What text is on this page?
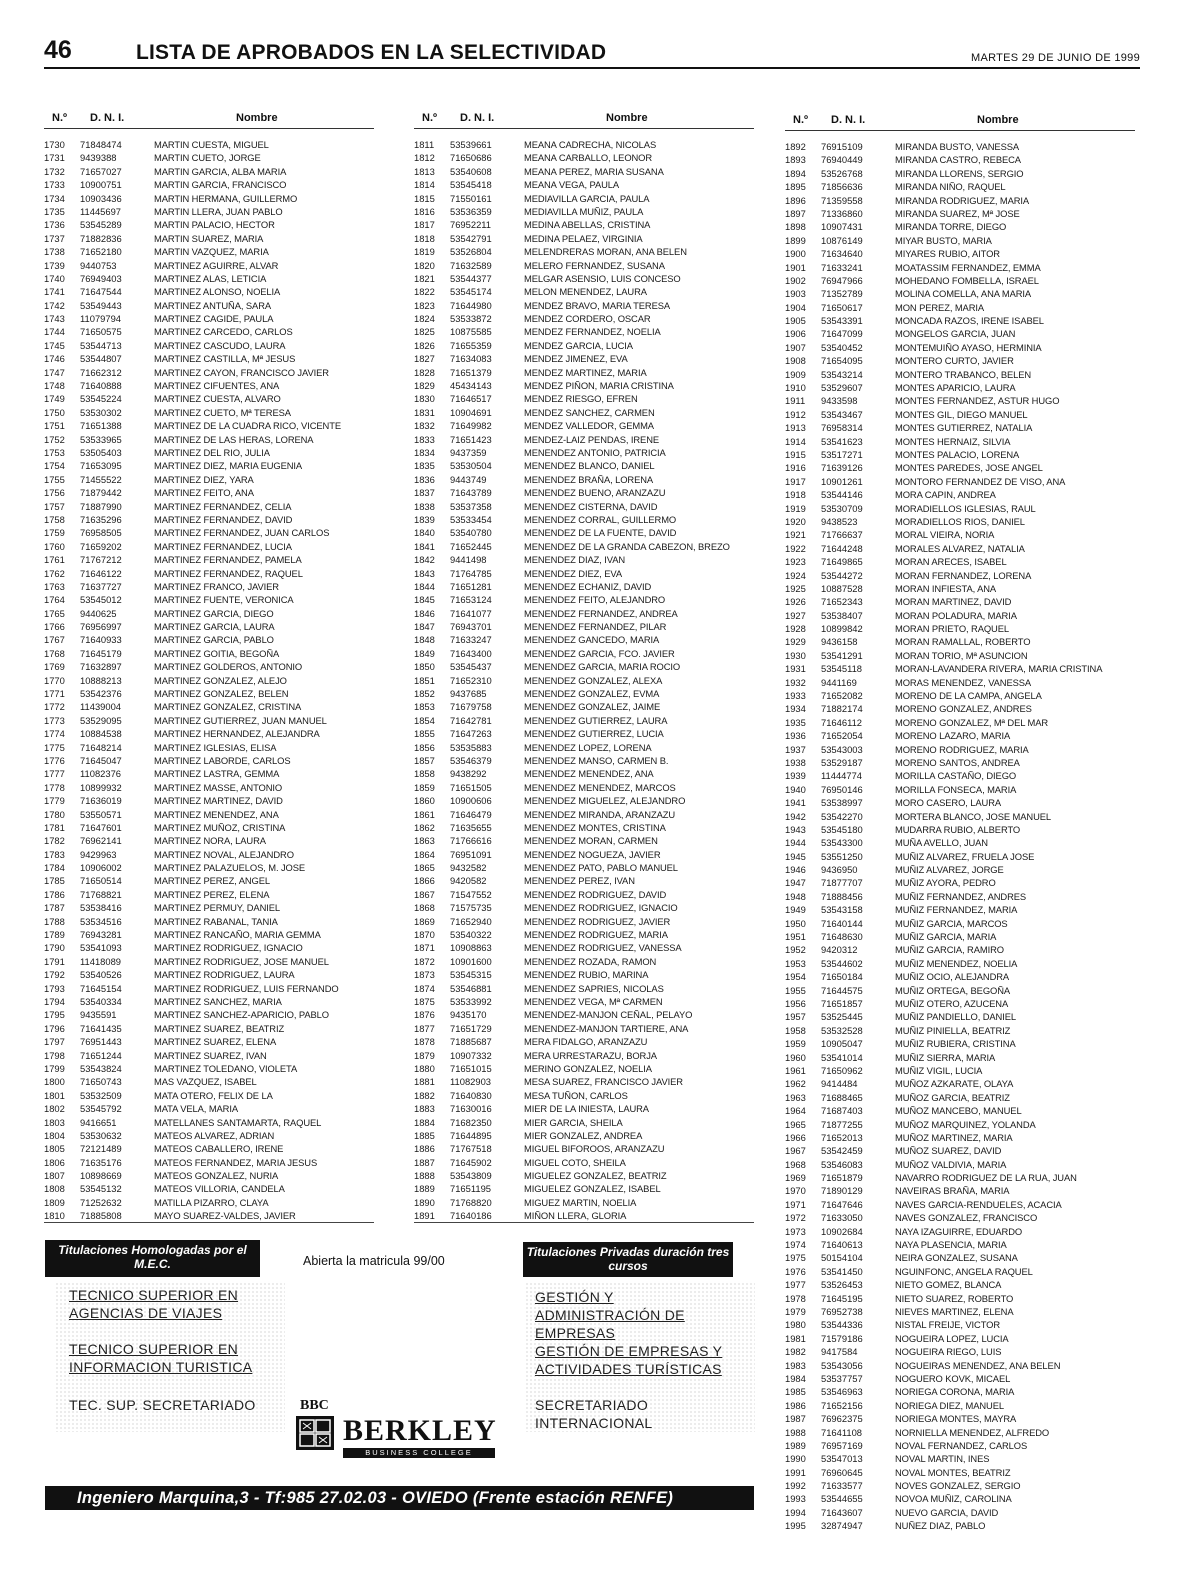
46	LISTA DE APROBADOS EN LA SELECTIVIDAD	MARTES 29 DE JUNIO DE 1999
N.º D. N. I.	Nombre
1730	71848474	MARTIN CUESTA, MIGUEL
1731	9439388	MARTIN CUETO, JORGE
1732	71657027	MARTIN GARCIA, ALBA MARIA
1733	10900751	MARTIN GARCIA, FRANCISCO
1734	10903436	MARTIN HERMANA, GUILLERMO
1735	11445697	MARTIN LLERA, JUAN PABLO
1736	53545289	MARTIN PALACIO, HECTOR
1737	71882836	MARTIN SUAREZ, MARIA
1738	71652180	MARTIN VAZQUEZ, MARIA
1739	9440753	MARTINEZ AGUIRRE, ALVAR
1740	76949403	MARTINEZ ALAS, LETICIA
1741	71647544	MARTINEZ ALONSO, NOELIA
1742	53549443	MARTINEZ ANTUÑA, SARA
1743	11079794	MARTINEZ CAGIDE, PAULA
1744	71650575	MARTINEZ CARCEDO, CARLOS
1745	53544713	MARTINEZ CASCUDO, LAURA
1746	53544807	MARTINEZ CASTILLA, Mª JESUS
1747	71662312	MARTINEZ CAYON, FRANCISCO JAVIER
1748	71640888	MARTINEZ CIFUENTES, ANA
1749	53545224	MARTINEZ CUESTA, ALVARO
1750	53530302	MARTINEZ CUETO, Mª TERESA
1751	71651388	MARTINEZ DE LA CUADRA RICO, VICENTE
1752	53533965	MARTINEZ DE LAS HERAS, LORENA
1753	53505403	MARTINEZ DEL RIO, JULIA
1754	71653095	MARTINEZ DIEZ, MARIA EUGENIA
1755	71455522	MARTINEZ DIEZ, YARA
1756	71879442	MARTINEZ FEITO, ANA
1757	71887990	MARTINEZ FERNANDEZ, CELIA
1758	71635296	MARTINEZ FERNANDEZ, DAVID
1759	76958505	MARTINEZ FERNANDEZ, JUAN CARLOS
1760	71659202	MARTINEZ FERNANDEZ, LUCIA
1761	71767212	MARTINEZ FERNANDEZ, PAMELA
1762	71646122	MARTINEZ FERNANDEZ, RAQUEL
1763	71637727	MARTINEZ FRANCO, JAVIER
1764	53545012	MARTINEZ FUENTE, VERONICA
1765	9440625	MARTINEZ GARCIA, DIEGO
1766	76956997	MARTINEZ GARCIA, LAURA
1767	71640933	MARTINEZ GARCIA, PABLO
1768	71645179	MARTINEZ GOITIA, BEGOÑA
1769	71632897	MARTINEZ GOLDEROS, ANTONIO
1770	10888213	MARTINEZ GONZALEZ, ALEJO
1771	53542376	MARTINEZ GONZALEZ, BELEN
1772	11439004	MARTINEZ GONZALEZ, CRISTINA
1773	53529095	MARTINEZ GUTIERREZ, JUAN MANUEL
1774	10884538	MARTINEZ HERNANDEZ, ALEJANDRA
1775	71648214	MARTINEZ IGLESIAS, ELISA
1776	71645047	MARTINEZ LABORDE, CARLOS
1777	11082376	MARTINEZ LASTRA, GEMMA
1778	10899932	MARTINEZ MASSE, ANTONIO
1779	71636019	MARTINEZ MARTINEZ, DAVID
1780	53550571	MARTINEZ MENENDEZ, ANA
1781	71647601	MARTINEZ MUÑOZ, CRISTINA
1782	76962141	MARTINEZ NORA, LAURA
1783	9429963	MARTINEZ NOVAL, ALEJANDRO
1784	10906002	MARTINEZ PALAZUELOS, M. JOSE
1785	71650514	MARTINEZ PEREZ, ANGEL
1786	71768821	MARTINEZ PEREZ, ELENA
1787	53538416	MARTINEZ PERMUY, DANIEL
1788	53534516	MARTINEZ RABANAL, TANIA
1789	76943281	MARTINEZ RANCAÑO, MARIA GEMMA
1790	53541093	MARTINEZ RODRIGUEZ, IGNACIO
1791	11418089	MARTINEZ RODRIGUEZ, JOSE MANUEL
1792	53540526	MARTINEZ RODRIGUEZ, LAURA
1793	71645154	MARTINEZ RODRIGUEZ, LUIS FERNANDO
1794	53540334	MARTINEZ SANCHEZ, MARIA
1795	9435591	MARTINEZ SANCHEZ-APARICIO, PABLO
1796	71641435	MARTINEZ SUAREZ, BEATRIZ
1797	76951443	MARTINEZ SUAREZ, ELENA
1798	71651244	MARTINEZ SUAREZ, IVAN
1799	53543824	MARTINEZ TOLEDANO, VIOLETA
1800	71650743	MAS VAZQUEZ, ISABEL
1801	53532509	MATA OTERO, FELIX DE LA
1802	53545792	MATA VELA, MARIA
1803	9416651	MATELLANES SANTAMARTA, RAQUEL
1804	53530632	MATEOS ALVAREZ, ADRIAN
1805	72121489	MATEOS CABALLERO, IRENE
1806	71635176	MATEOS FERNANDEZ, MARIA JESUS
1807	10898669	MATEOS GONZALEZ, NURIA
1808	53545132	MATEOS VILLORIA, CANDELA
1809	71252632	MATILLA PIZARRO, CLAYA
1810	71885808	MAYO SUAREZ-VALDES, JAVIER
N.º D. N. I.	Nombre
1811	53539661	MEANA CADRECHA, NICOLAS
1812	71650686	MEANA CARBALLO, LEONOR
1813	53540608	MEANA PEREZ, MARIA SUSANA
1814	53545418	MEANA VEGA, PAULA
1815	71550161	MEDIAVILLA GARCIA, PAULA
1816	53536359	MEDIAVILLA MUÑIZ, PAULA
1817	76952211	MEDINA ABELLAS, CRISTINA
1818	53542791	MEDINA PELAEZ, VIRGINIA
1819	53526804	MELENDRERAS MORAN, ANA BELEN
1820	71632589	MELERO FERNANDEZ, SUSANA
1821	53544377	MELGAR ASENSIO, LUIS CONCESO
1822	53545174	MELON MENENDEZ, LAURA
1823	71644980	MENDEZ BRAVO, MARIA TERESA
1824	53533872	MENDEZ CORDERO, OSCAR
1825	10875585	MENDEZ FERNANDEZ, NOELIA
1826	71655359	MENDEZ GARCIA, LUCIA
1827	71634083	MENDEZ JIMENEZ, EVA
1828	71651379	MENDEZ MARTINEZ, MARIA
1829	45434143	MENDEZ PIÑON, MARIA CRISTINA
1830	71646517	MENDEZ RIESGO, EFREN
1831	10904691	MENDEZ SANCHEZ, CARMEN
1832	71649982	MENDEZ VALLEDOR, GEMMA
1833	71651423	MENDEZ-LAIZ PENDAS, IRENE
1834	9437359	MENENDEZ ANTONIO, PATRICIA
1835	53530504	MENENDEZ BLANCO, DANIEL
1836	9443749	MENENDEZ BRAÑA, LORENA
1837	71643789	MENENDEZ BUENO, ARANZAZU
1838	53537358	MENENDEZ CISTERNA, DAVID
1839	53533454	MENENDEZ CORRAL, GUILLERMO
1840	53540780	MENENDEZ DE LA FUENTE, DAVID
1841	71652445	MENENDEZ DE LA GRANDA CABEZON, BREZO
1842	9441498	MENENDEZ DIAZ, IVAN
1843	71764785	MENENDEZ DIEZ, EVA
1844	71651281	MENENDEZ ECHANIZ, DAVID
1845	71653124	MENENDEZ FEITO, ALEJANDRO
1846	71641077	MENENDEZ FERNANDEZ, ANDREA
1847	76943701	MENENDEZ FERNANDEZ, PILAR
1848	71633247	MENENDEZ GANCEDO, MARIA
1849	71643400	MENENDEZ GARCIA, FCO. JAVIER
1850	53545437	MENENDEZ GARCIA, MARIA ROCIO
1851	71652310	MENENDEZ GONZALEZ, ALEXA
1852	9437685	MENENDEZ GONZALEZ, EVMA
1853	71679758	MENENDEZ GONZALEZ, JAIME
1854	71642781	MENENDEZ GUTIERREZ, LAURA
1855	71647263	MENENDEZ GUTIERREZ, LUCIA
1856	53535883	MENENDEZ LOPEZ, LORENA
1857	53546379	MENENDEZ MANSO, CARMEN B.
1858	9438292	MENENDEZ MENENDEZ, ANA
1859	71651505	MENENDEZ MENENDEZ, MARCOS
1860	10900606	MENENDEZ MIGUELEZ, ALEJANDRO
1861	71646479	MENENDEZ MIRANDA, ARANZAZU
1862	71635655	MENENDEZ MONTES, CRISTINA
1863	71766616	MENENDEZ MORAN, CARMEN
1864	76951091	MENENDEZ NOGUEZA, JAVIER
1865	9432582	MENENDEZ PATO, PABLO MANUEL
1866	9420582	MENENDEZ PEREZ, IVAN
1867	71547552	MENENDEZ RODRIGUEZ, DAVID
1868	71575735	MENENDEZ RODRIGUEZ, IGNACIO
1869	71652940	MENENDEZ RODRIGUEZ, JAVIER
1870	53540322	MENENDEZ RODRIGUEZ, MARIA
1871	10908863	MENENDEZ RODRIGUEZ, VANESSA
1872	10901600	MENENDEZ ROZADA, RAMON
1873	53545315	MENENDEZ RUBIO, MARINA
1874	53546881	MENENDEZ SAPRIES, NICOLAS
1875	53533992	MENENDEZ VEGA, Mª CARMEN
1876	9435170	MENENDEZ-MANJON CEÑAL, PELAYO
1877	71651729	MENENDEZ-MANJON TARTIERE, ANA
1878	71885687	MERA FIDALGO, ARANZAZU
1879	10907332	MERA URRESTARAZU, BORJA
1880	71651015	MERINO GONZALEZ, NOELIA
1881	11082903	MESA SUAREZ, FRANCISCO JAVIER
1882	71640830	MESA TUÑON, CARLOS
1883	71630016	MIER DE LA INIESTA, LAURA
1884	71682350	MIER GARCIA, SHEILA
1885	71644895	MIER GONZALEZ, ANDREA
1886	71767518	MIGUEL BIFOROOS, ARANZAZU
1887	71645902	MIGUEL COTO, SHEILA
1888	53543809	MIGUELEZ GONZALEZ, BEATRIZ
1889	71651195	MIGUELEZ GONZALEZ, ISABEL
1890	71768820	MIGUEZ MARTIN, NOELIA
1891	71640186	MIÑON LLERA, GLORIA
N.º D. N. I.	Nombre
1892	76915109	MIRANDA BUSTO, VANESSA
1893	76940449	MIRANDA CASTRO, REBECA
1894	53526768	MIRANDA LLORENS, SERGIO
1895	71856636	MIRANDA NIÑO, RAQUEL
1896	71359558	MIRANDA RODRIGUEZ, MARIA
1897	71336860	MIRANDA SUAREZ, Mª JOSE
1898	10907431	MIRANDA TORRE, DIEGO
1899	10876149	MIYAR BUSTO, MARIA
1900	71634640	MIYARES RUBIO, AITOR
1901	71633241	MOATASSIM FERNANDEZ, EMMA
1902	76947966	MOHEDANO FOMBELLA, ISRAEL
1903	71352789	MOLINA COMELLA, ANA MARIA
1904	71650617	MON PEREZ, MARIA
1905	53543391	MONCADA RAZOS, IRENE ISABEL
1906	71647099	MONGELOS GARCIA, JUAN
1907	53540452	MONTEMUIÑO AYASO, HERMINIA
1908	71654095	MONTERO CURTO, JAVIER
1909	53543214	MONTERO TRABANCO, BELEN
1910	53529607	MONTES APARICIO, LAURA
1911	9433598	MONTES FERNANDEZ, ASTUR HUGO
1912	53543467	MONTES GIL, DIEGO MANUEL
1913	76958314	MONTES GUTIERREZ, NATALIA
1914	53541623	MONTES HERNAIZ, SILVIA
1915	53517271	MONTES PALACIO, LORENA
1916	71639126	MONTES PAREDES, JOSE ANGEL
1917	10901261	MONTORO FERNANDEZ DE VISO, ANA
1918	53544146	MORA CAPIN, ANDREA
1919	53530709	MORADIELLOS IGLESIAS, RAUL
1920	9438523	MORADIELLOS RIOS, DANIEL
1921	71766637	MORAL VIEIRA, NORIA
1922	71644248	MORALES ALVAREZ, NATALIA
1923	71649865	MORAN ARECES, ISABEL
1924	53544272	MORAN FERNANDEZ, LORENA
1925	10887528	MORAN INFIESTA, ANA
1926	71652343	MORAN MARTINEZ, DAVID
1927	53538407	MORAN POLADURA, MARIA
1928	10899842	MORAN PRIETO, RAQUEL
1929	9436158	MORAN RAMALLAL, ROBERTO
1930	53541291	MORAN TORIO, Mª ASUNCION
1931	53545118	MORAN-LAVANDERA RIVERA, MARIA CRISTINA
1932	9441169	MORAS MENENDEZ, VANESSA
1933	71652082	MORENO DE LA CAMPA, ANGELA
1934	71882174	MORENO GONZALEZ, ANDRES
1935	71646112	MORENO GONZALEZ, Mª DEL MAR
1936	71652054	MORENO LAZARO, MARIA
1937	53543003	MORENO RODRIGUEZ, MARIA
1938	53529187	MORENO SANTOS, ANDREA
1939	11444774	MORILLA CASTAÑO, DIEGO
1940	76950146	MORILLA FONSECA, MARIA
1941	53538997	MORO CASERO, LAURA
1942	53542270	MORTERA BLANCO, JOSE MANUEL
1943	53545180	MUDARRA RUBIO, ALBERTO
1944	53543300	MUÑA AVELLO, JUAN
1945	53551250	MUÑIZ ALVAREZ, FRUELA JOSE
1946	9436950	MUÑIZ ALVAREZ, JORGE
1947	71877707	MUÑIZ AYORA, PEDRO
1948	71888456	MUÑIZ FERNANDEZ, ANDRES
1949	53543158	MUÑIZ FERNANDEZ, MARIA
1950	71640144	MUÑIZ GARCIA, MARCOS
1951	71648630	MUÑIZ GARCIA, MARIA
1952	9420312	MUÑIZ GARCIA, RAMIRO
1953	53544602	MUÑIZ MENENDEZ, NOELIA
1954	71650184	MUÑIZ OCIO, ALEJANDRA
1955	71644575	MUÑIZ ORTEGA, BEGOÑA
1956	71651857	MUÑIZ OTERO, AZUCENA
1957	53525445	MUÑIZ PANDIELLO, DANIEL
1958	53532528	MUÑIZ PINIELLA, BEATRIZ
1959	10905047	MUÑIZ RUBIERA, CRISTINA
1960	53541014	MUÑIZ SIERRA, MARIA
1961	71650962	MUÑIZ VIGIL, LUCIA
1962	9414484	MUÑOZ AZKARATE, OLAYA
1963	71688465	MUÑOZ GARCIA, BEATRIZ
1964	71687403	MUÑOZ MANCEBO, MANUEL
1965	71877255	MUÑOZ MARQUINEZ, YOLANDA
1966	71652013	MUÑOZ MARTINEZ, MARIA
1967	53542459	MUÑOZ SUAREZ, DAVID
1968	53546083	MUÑOZ VALDIVIA, MARIA
1969	71651879	NAVARRO RODRIGUEZ DE LA RUA, JUAN
1970	71890129	NAVEIRAS BRAÑA, MARIA
1971	71647646	NAVES GARCIA-RENDUELES, ACACIA
1972	71633050	NAVES GONZALEZ, FRANCISCO
1973	10902684	NAYA IZAGUIRRE, EDUARDO
1974	71640613	NAYA PLASENCIA, MARIA
1975	50154104	NEIRA GONZALEZ, SUSANA
1976	53541450	NGUINFONC, ANGELA RAQUEL
1977	53526453	NIETO GOMEZ, BLANCA
1978	71645195	NIETO SUAREZ, ROBERTO
1979	76952738	NIEVES MARTINEZ, ELENA
1980	53544336	NISTAL FREIJE, VICTOR
1981	71579186	NOGUEIRA LOPEZ, LUCIA
1982	9417584	NOGUEIRA RIEGO, LUIS
1983	53543056	NOGUEIRAS MENENDEZ, ANA BELEN
1984	53537757	NOGUERO KOVK, MICAEL
1985	53546963	NORIEGA CORONA, MARIA
1986	71652156	NORIEGA DIEZ, MANUEL
1987	76962375	NORIEGA MONTES, MAYRA
1988	71641108	NORNIELLA MENENDEZ, ALFREDO
1989	76957169	NOVAL FERNANDEZ, CARLOS
1990	53547013	NOVAL MARTIN, INES
1991	76960645	NOVAL MONTES, BEATRIZ
1992	71633577	NOVES GONZALEZ, SERGIO
1993	53544655	NOVOA MUÑIZ, CAROLINA
1994	71643607	NUEVO GARCIA, DAVID
1995	32874947	NUÑEZ DIAZ, PABLO
Titulaciones Homologadas por el M.E.C.	Abierta la matricula 99/00
Titulaciones Privadas duración tres cursos
TECNICO SUPERIOR EN AGENCIAS DE VIAJES
TECNICO SUPERIOR EN INFORMACION TURISTICA
TEC. SUP. SECRETARIADO
GESTIÓN Y ADMINISTRACIÓN DE EMPRESAS
GESTIÓN DE EMPRESAS Y ACTIVIDADES TURÍSTICAS
SECRETARIADO INTERNACIONAL
BBC
BERKLEY
BUSINESS COLLEGE
Ingeniero Marquina,3 - Tf:985 27.02.03 - OVIEDO (Frente estación RENFE)
